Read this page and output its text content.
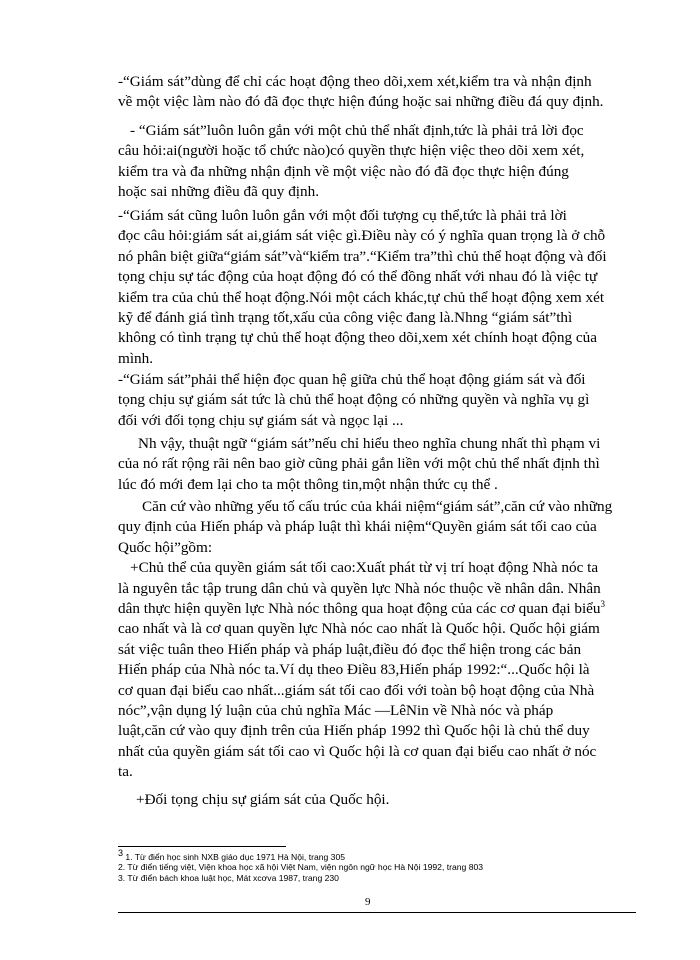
-“Giám sát”dùng để chỉ các hoạt động theo dõi,xem xét,kiểm tra và nhận định
về một việc làm nào đó đã đọc thực hiện đúng hoặc sai những điều đá quy định.
- “Giám sát”luôn luôn gắn với một chủ thể nhất định,tức là phải trả lời đọc
câu hỏi:ai(người hoặc tổ chức nào)có quyền thực hiện việc theo dõi xem xét,
kiểm tra và đa những nhận định về một việc nào đó đã đọc thực hiện đúng
hoặc sai những điều đã quy định.
-“Giám sát cũng luôn luôn gắn với một đối tượng cụ thể,tức là phải trả lời
đọc câu hỏi:giám sát ai,giám sát việc gì.Điều này có ý nghĩa quan trọng là ở chỗ
nó phân biệt giữa“giám sát”và“kiểm tra”.“Kiểm tra”thì chủ thể hoạt động và đối
tọng chịu sự tác động của hoạt động đó có thể đồng nhất với nhau đó là việc tự
kiểm tra của chủ thể hoạt động.Nói một cách khác,tự chủ thể hoạt động xem xét
kỹ để đánh giá tình trạng tốt,xấu của công việc đang là.Nhng “giám sát”thì
không có tình trạng tự chủ thể hoạt động theo dõi,xem xét chính hoạt động của
mình.
-“Giám sát”phải thể hiện đọc quan hệ giữa chủ thể hoạt động giám sát và đối
tọng chịu sự giám sát tức là chủ thể hoạt động có những quyền và nghĩa vụ gì
đối với đối tọng chịu sự giám sát và ngọc lại ...
Nh vậy, thuật ngữ “giám sát”nếu chỉ hiểu theo nghĩa chung nhất thì phạm vi
của nó rất rộng rãi nên bao giờ cũng phải gắn liền với một chủ thể nhất định thì
lúc đó mới đem lại cho ta một thông tin,một nhận thức cụ thể .
Căn cứ vào những yếu tố cấu trúc của khái niệm“giám sát”,căn cứ vào những
quy định của Hiến pháp và pháp luật thì khái niệm“Quyền giám sát tối cao của
Quốc hội”gồm:
+Chủ thể của quyền giám sát tối cao:Xuất phát từ vị trí hoạt động Nhà nóc ta
là nguyên tắc tập trung dân chủ và quyền lực Nhà nóc thuộc về nhân dân. Nhân
dân thực hiện quyền lực Nhà nóc thông qua hoạt động của các cơ quan đại biểu$^3$
cao nhất và là cơ quan quyền lực Nhà nóc cao nhất là Quốc hội. Quốc hội giám
sát việc tuân theo Hiến pháp và pháp luật,điều đó đọc thể hiện trong các bản
Hiến pháp của Nhà nóc ta.Ví dụ theo Điều 83,Hiến pháp 1992:“...Quốc hội là
cơ quan đại biểu cao nhất...giám sát tối cao đối với toàn bộ hoạt động của Nhà
nóc”,vận dụng lý luận của chủ nghĩa Mác —LêNin về Nhà nóc và pháp
luật,căn cứ vào quy định trên của Hiến pháp 1992 thì Quốc hội là chủ thể duy
nhất của quyền giám sát tối cao vì Quốc hội là cơ quan đại biểu cao nhất ở nóc
ta.
+Đối tọng chịu sự giám sát của Quốc hội.
$^3$ 1. Từ điển học sinh NXB giáo dục 1971 Hà Nội, trang 305
2. Từ điển tiếng việt, Viện khoa học xã hội Việt Nam, viện ngôn ngữ học Hà Nội 1992, trang 803
3. Từ điển bách khoa luật học, Mát xcơva 1987, trang 230
9
